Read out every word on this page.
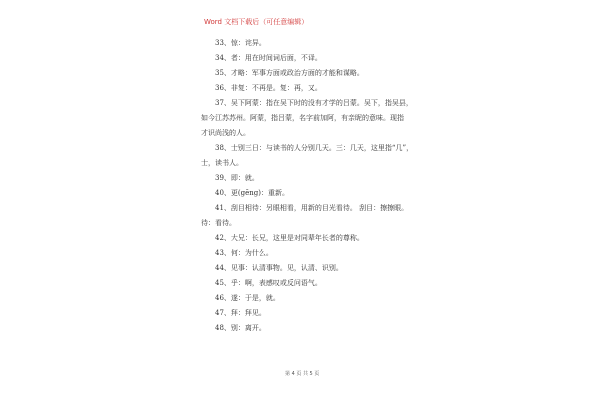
Word 文档下载后（可任意编辑）
33、惊：诧异。
34、者：用在时间词后面，不译。
35、才略：军事方面或政治方面的才能和谋略。
36、非复：不再是。复：再，又。
37、吴下阿蒙：指在吴下时的没有才学的吕蒙。吴下，指吴县，
如今江苏苏州。阿蒙，指吕蒙，名字前加阿，有亲昵的意味。现指
才识尚浅的人。
38、士别三日：与读书的人分别几天。三：几天，这里指“几”，
士，读书人。
39、即：就。
40、更(gēng)：重新。
41、刮目相待：另眼相看，用新的目光看待。 刮目：擦擦眼。
待：看待。
42、大兄：长兄，这里是对同辈年长者的尊称。
43、何：为什么。
44、见事：认清事物。见，认清、识别。
45、乎：啊，表感叹或反问语气。
46、遂：于是，就。
47、拜：拜见。
48、别：离开。
第 4 页 共 5 页
